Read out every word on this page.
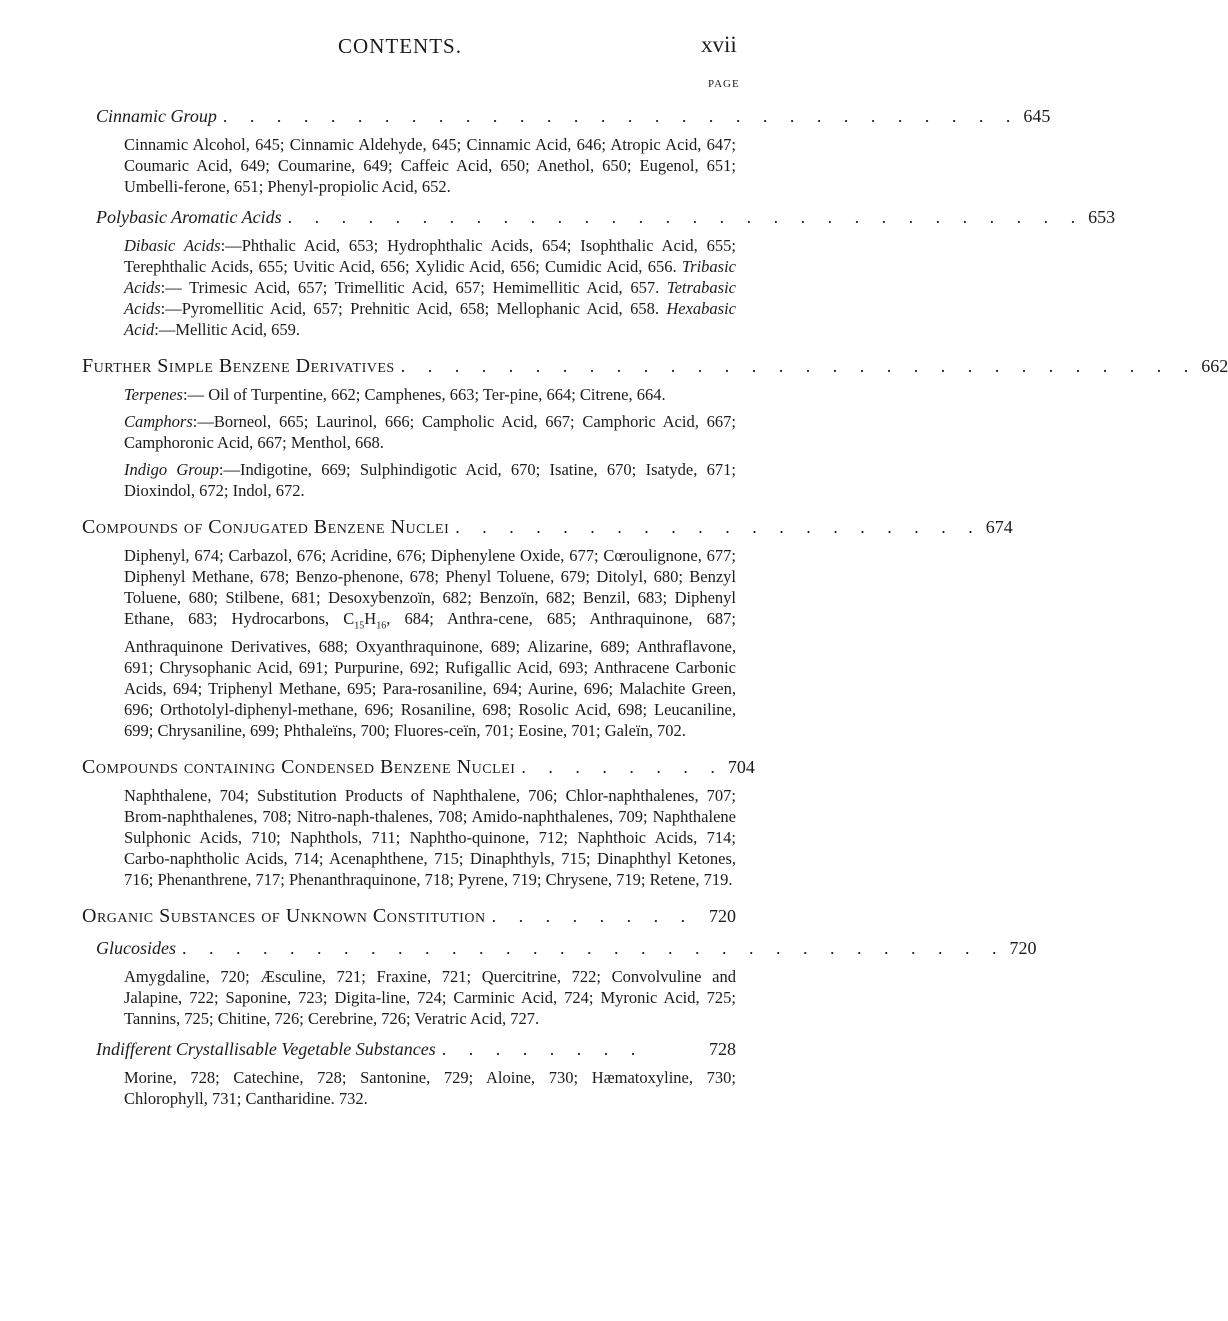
CONTENTS.	xvii
PAGE
Cinnamic Group . . . . . . . . . . . . . . . . . . . . . . . . . . . . . . 645
Cinnamic Alcohol, 645; Cinnamic Aldehyde, 645; Cinnamic Acid, 646; Atropic Acid, 647; Coumaric Acid, 649; Coumarine, 649; Caffeic Acid, 650; Anethol, 650; Eugenol, 651; Umbelli-ferone, 651; Phenyl-propiolic Acid, 652.
Polybasic Aromatic Acids . . . . . . . . . . . . . . . . . . . . . . . . . . . . . . 653
Dibasic Acids:—Phthalic Acid, 653; Hydrophthalic Acids, 654; Isophthalic Acid, 655; Terephthalic Acids, 655; Uvitic Acid, 656; Xylidic Acid, 656; Cumidic Acid, 656. Tribasic Acids:— Trimesic Acid, 657; Trimellitic Acid, 657; Hemimellitic Acid, 657. Tetrabasic Acids:—Pyromellitic Acid, 657; Prehnitic Acid, 658; Mellophanic Acid, 658. Hexabasic Acid:—Mellitic Acid, 659.
Further Simple Benzene Derivatives . . . . . . . . . . . . . . . . . . . . . . . . . . . . . . 662
Terpenes:— Oil of Turpentine, 662; Camphenes, 663; Ter-pine, 664; Citrene, 664.
Camphors:—Borneol, 665; Laurinol, 666; Campholic Acid, 667; Camphoric Acid, 667; Camphoronic Acid, 667; Menthol, 668.
Indigo Group:—Indigotine, 669; Sulphindigotic Acid, 670; Isatine, 670; Isatyde, 671; Dioxindol, 672; Indol, 672.
Compounds of Conjugated Benzene Nuclei . . . . . . . . . . . . . . . . . . . . 674
Diphenyl, 674; Carbazol, 676; Acridine, 676; Diphenylene Oxide, 677; Cœroulignone, 677; Diphenyl Methane, 678; Benzo-phenone, 678; Phenyl Toluene, 679; Ditolyl, 680; Benzyl Toluene, 680; Stilbene, 681; Desoxybenzoïn, 682; Benzoïn, 682; Benzil, 683; Diphenyl Ethane, 683; Hydrocarbons, $C_{15}H_{16}$, 684; Anthra-cene, 685; Anthraquinone, 687; Anthraquinone Derivatives, 688; Oxyanthraquinone, 689; Alizarine, 689; Anthraflavone, 691; Chrysophanic Acid, 691; Purpurine, 692; Rufigallic Acid, 693; Anthracene Carbonic Acids, 694; Triphenyl Methane, 695; Para-rosaniline, 694; Aurine, 696; Malachite Green, 696; Orthotolyl-diphenyl-methane, 696; Rosaniline, 698; Rosolic Acid, 698; Leucaniline, 699; Chrysaniline, 699; Phthaleïns, 700; Fluores-ceïn, 701; Eosine, 701; Galeïn, 702.
Compounds containing Condensed Benzene Nuclei . . . . . . . . 704
Naphthalene, 704; Substitution Products of Naphthalene, 706; Chlor-naphthalenes, 707; Brom-naphthalenes, 708; Nitro-naph-thalenes, 708; Amido-naphthalenes, 709; Naphthalene Sulphonic Acids, 710; Naphthols, 711; Naphtho-quinone, 712; Naphthoic Acids, 714; Carbo-naphtholic Acids, 714; Acenaphthene, 715; Dinaphthyls, 715; Dinaphthyl Ketones, 716; Phenanthrene, 717; Phenanthraquinone, 718; Pyrene, 719; Chrysene, 719; Retene, 719.
Organic Substances of Unknown Constitution . . . . . . . . 720
Glucosides . . . . . . . . . . . . . . . . . . . . . . . . . . . . . . . 720
Amygdaline, 720; Æsculine, 721; Fraxine, 721; Quercitrine, 722; Convolvuline and Jalapine, 722; Saponine, 723; Digita-line, 724; Carminic Acid, 724; Myronic Acid, 725; Tannins, 725; Chitine, 726; Cerebrine, 726; Veratric Acid, 727.
Indifferent Crystallisable Vegetable Substances . . . . . . . .	728
Morine, 728; Catechine, 728; Santonine, 729; Aloine, 730; Hæmatoxyline, 730; Chlorophyll, 731; Cantharidine. 732.
